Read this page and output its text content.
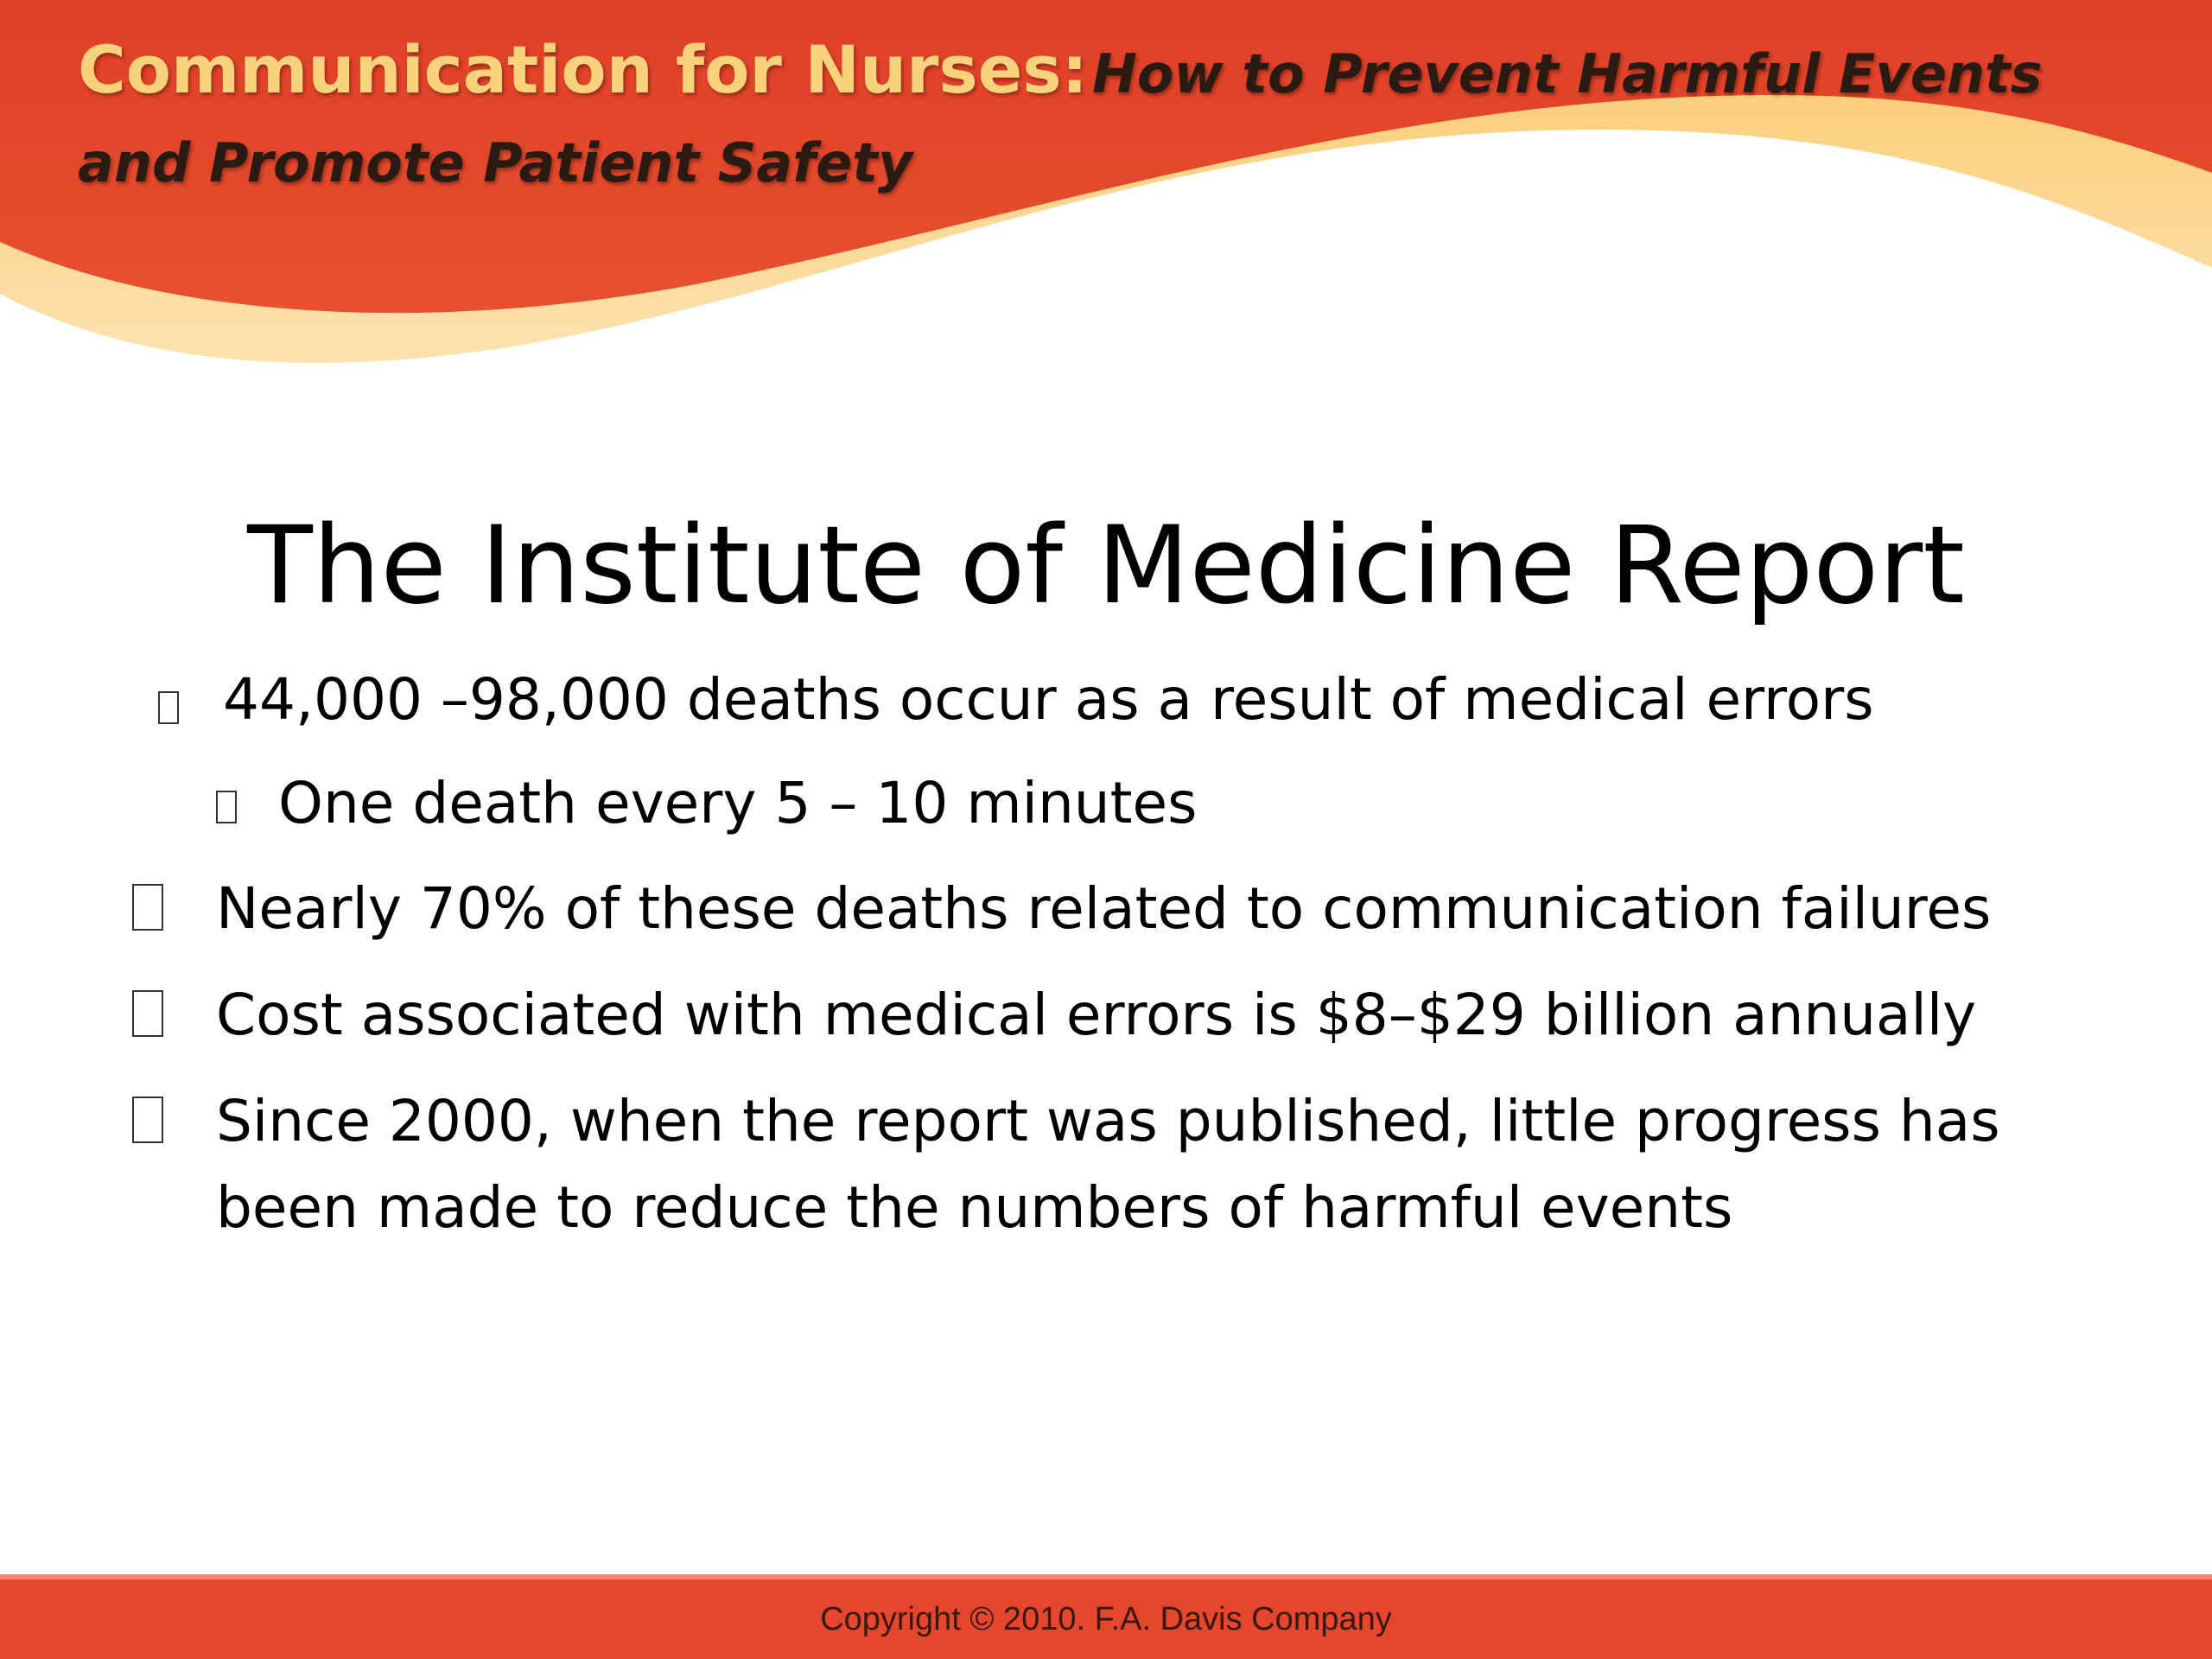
Communication for Nurses: How to Prevent Harmful Events
and Promote Patient Safety
The Institute of Medicine Report
44,000 –98,000 deaths occur as a result of medical errors
One death every 5 – 10 minutes
Nearly 70% of these deaths related to communication failures
Cost associated with medical errors is $8–$29 billion annually
Since 2000, when the report was published, little progress has
been made to reduce the numbers of harmful events
Copyright © 2010. F.A. Davis Company
